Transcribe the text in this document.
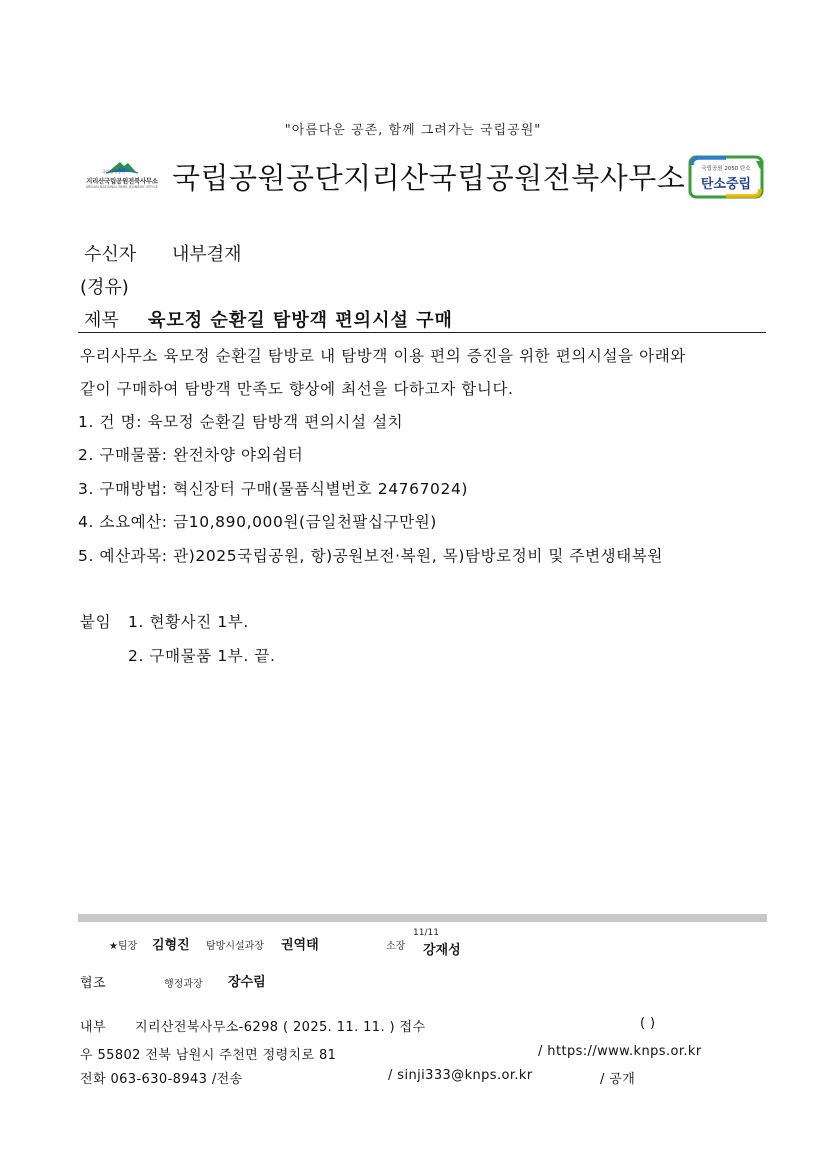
"아름다운 공존, 함께 그려가는 국립공원"
국립공원공단
지리산국립공원전북사무소
JIRISAN NATIONAL PARK JEONBUK OFFICE 국립공원공단지리산국립공원전북사무소	국립공원 2050 탄소
탄소중립
수신자 내부결재
(경유)
제목 육모정 순환길 탐방객 편의시설 구매
우리사무소 육모정 순환길 탐방로 내 탐방객 이용 편의 증진을 위한 편의시설을 아래와
같이 구매하여 탐방객 만족도 향상에 최선을 다하고자 합니다.
1. 건 명: 육모정 순환길 탐방객 편의시설 설치
2. 구매물품: 완전차양 야외쉼터
3. 구매방법: 혁신장터 구매(물품식별번호 24767024)
4. 소요예산: 금10,890,000원(금일천팔십구만원)
5. 예산과목: 관)2025국립공원, 항)공원보전·복원, 목)탐방로정비 및 주변생태복원
붙임 1. 현황사진 1부.
2. 구매물품 1부. 끝.
★팀장 김형진 탐방시설과장 권역태	소장
11/11
강재성
협조	행정과장 장수림
내부 지리산전북사무소-6298 ( 2025. 11. 11. ) 접수	( )
우 55802 전북 남원시 주천면 정령치로 81	/ https://www.knps.or.kr
전화 063-630-8943 /전송	/ sinji333@knps.or.kr	/ 공개
